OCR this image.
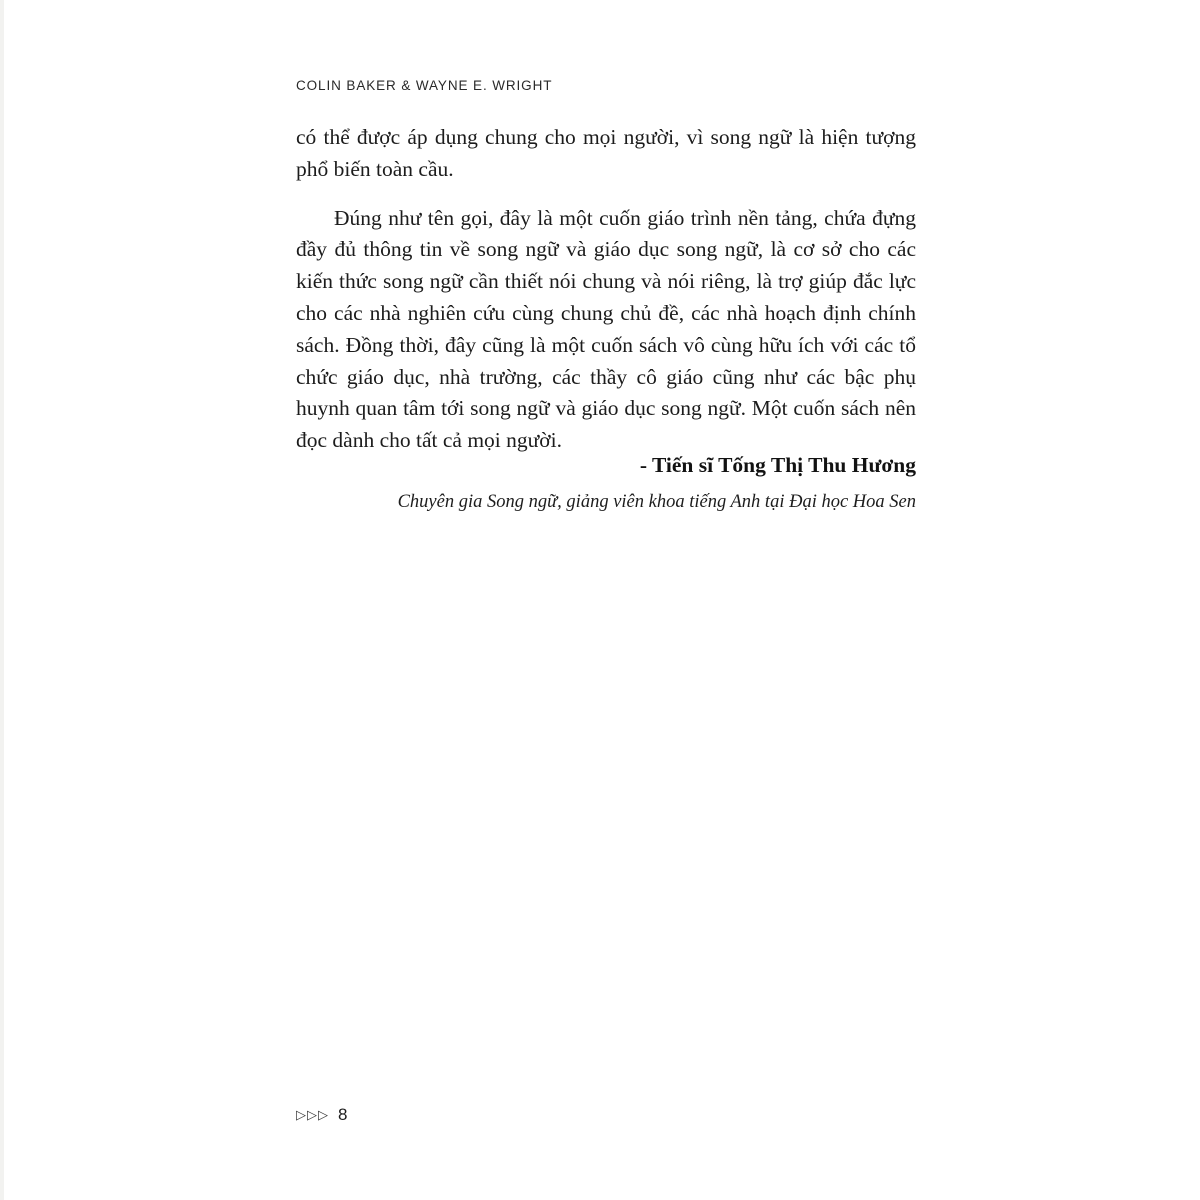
COLIN BAKER & WAYNE E. WRIGHT

có thể được áp dụng chung cho mọi người, vì song ngữ là hiện tượng phổ biến toàn cầu.

Đúng như tên gọi, đây là một cuốn giáo trình nền tảng, chứa đựng đầy đủ thông tin về song ngữ và giáo dục song ngữ, là cơ sở cho các kiến thức song ngữ cần thiết nói chung và nói riêng, là trợ giúp đắc lực cho các nhà nghiên cứu cùng chung chủ đề, các nhà hoạch định chính sách. Đồng thời, đây cũng là một cuốn sách vô cùng hữu ích với các tổ chức giáo dục, nhà trường, các thầy cô giáo cũng như các bậc phụ huynh quan tâm tới song ngữ và giáo dục song ngữ. Một cuốn sách nên đọc dành cho tất cả mọi người.

- Tiến sĩ Tống Thị Thu Hương
Chuyên gia Song ngữ, giảng viên khoa tiếng Anh tại Đại học Hoa Sen
▷▷▷ 8
